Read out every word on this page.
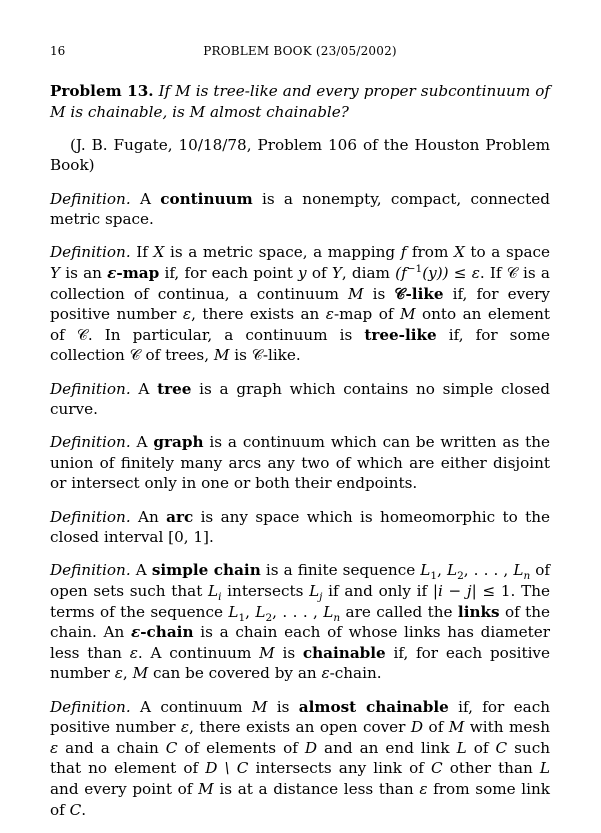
16	PROBLEM BOOK (23/05/2002)

Problem 13. If M is tree-like and every proper subcontinuum of M is chainable, is M almost chainable?

(J. B. Fugate, 10/18/78, Problem 106 of the Houston Problem Book)

Definition. A continuum is a nonempty, compact, connected metric space.

Definition. If X is a metric space, a mapping f from X to a space Y is an ε-map if, for each point y of Y, diam $(f^{-1}(y)) \le \varepsilon$. If 𝒞 is a collection of continua, a continuum M is 𝒞-like if, for every positive number ε, there exists an ε-map of M onto an element of 𝒞. In particular, a continuum is tree-like if, for some collection 𝒞 of trees, M is 𝒞-like.

Definition. A tree is a graph which contains no simple closed curve.

Definition. A graph is a continuum which can be written as the union of finitely many arcs any two of which are either disjoint or intersect only in one or both their endpoints.

Definition. An arc is any space which is homeomorphic to the closed interval [0, 1].

Definition. A simple chain is a finite sequence $L_1$, $L_2$, . . . , $L_n$ of open sets such that $L_i$ intersects $L_j$ if and only if |i − j| ≤ 1. The terms of the sequence $L_1$, $L_2$, . . . , $L_n$ are called the links of the chain. An ε-chain is a chain each of whose links has diameter less than ε. A continuum M is chainable if, for each positive number ε, M can be covered by an ε-chain.

Definition. A continuum M is almost chainable if, for each positive number ε, there exists an open cover D of M with mesh ε and a chain C of elements of D and an end link L of C such that no element of D \ C intersects any link of C other than L and every point of M is at a distance less than ε from some link of C.
